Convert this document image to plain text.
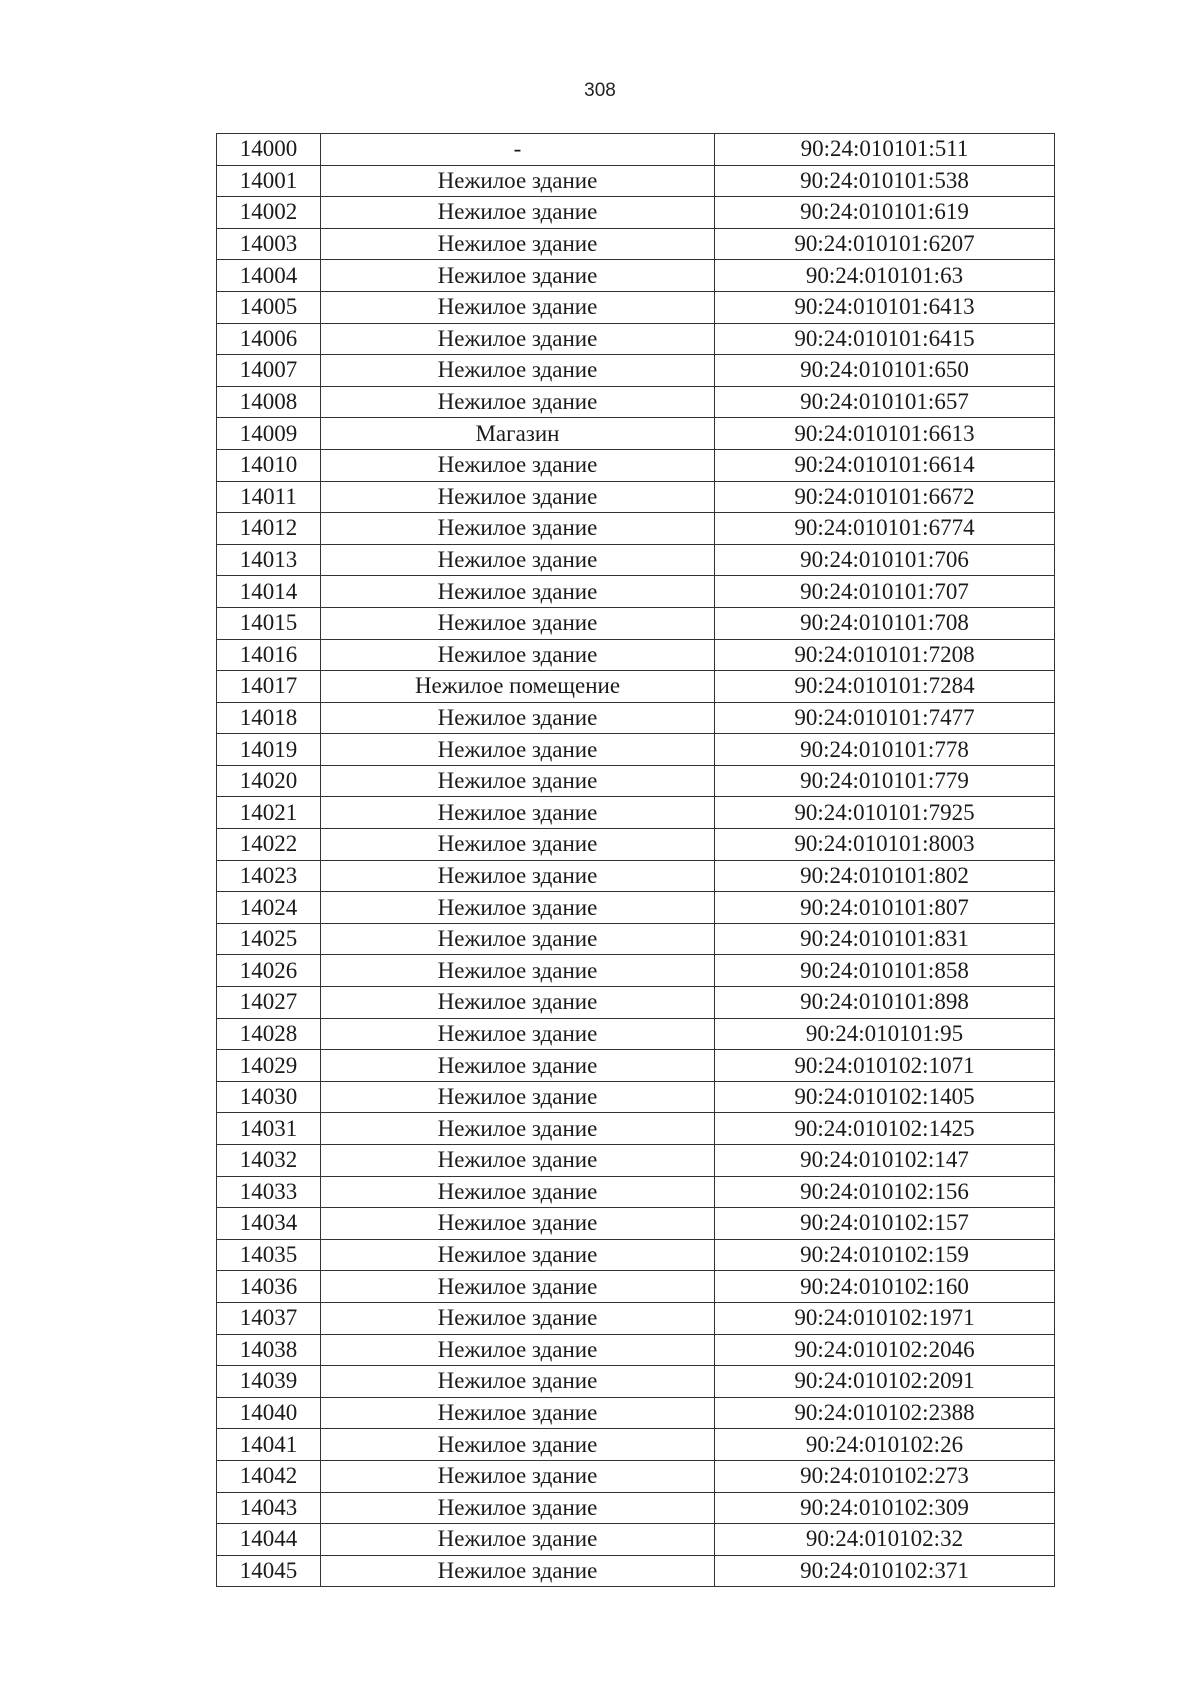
308
14000	-	90:24:010101:511
14001	Нежилое здание	90:24:010101:538
14002	Нежилое здание	90:24:010101:619
14003	Нежилое здание	90:24:010101:6207
14004	Нежилое здание	90:24:010101:63
14005	Нежилое здание	90:24:010101:6413
14006	Нежилое здание	90:24:010101:6415
14007	Нежилое здание	90:24:010101:650
14008	Нежилое здание	90:24:010101:657
14009	Магазин	90:24:010101:6613
14010	Нежилое здание	90:24:010101:6614
14011	Нежилое здание	90:24:010101:6672
14012	Нежилое здание	90:24:010101:6774
14013	Нежилое здание	90:24:010101:706
14014	Нежилое здание	90:24:010101:707
14015	Нежилое здание	90:24:010101:708
14016	Нежилое здание	90:24:010101:7208
14017	Нежилое помещение	90:24:010101:7284
14018	Нежилое здание	90:24:010101:7477
14019	Нежилое здание	90:24:010101:778
14020	Нежилое здание	90:24:010101:779
14021	Нежилое здание	90:24:010101:7925
14022	Нежилое здание	90:24:010101:8003
14023	Нежилое здание	90:24:010101:802
14024	Нежилое здание	90:24:010101:807
14025	Нежилое здание	90:24:010101:831
14026	Нежилое здание	90:24:010101:858
14027	Нежилое здание	90:24:010101:898
14028	Нежилое здание	90:24:010101:95
14029	Нежилое здание	90:24:010102:1071
14030	Нежилое здание	90:24:010102:1405
14031	Нежилое здание	90:24:010102:1425
14032	Нежилое здание	90:24:010102:147
14033	Нежилое здание	90:24:010102:156
14034	Нежилое здание	90:24:010102:157
14035	Нежилое здание	90:24:010102:159
14036	Нежилое здание	90:24:010102:160
14037	Нежилое здание	90:24:010102:1971
14038	Нежилое здание	90:24:010102:2046
14039	Нежилое здание	90:24:010102:2091
14040	Нежилое здание	90:24:010102:2388
14041	Нежилое здание	90:24:010102:26
14042	Нежилое здание	90:24:010102:273
14043	Нежилое здание	90:24:010102:309
14044	Нежилое здание	90:24:010102:32
14045	Нежилое здание	90:24:010102:371
